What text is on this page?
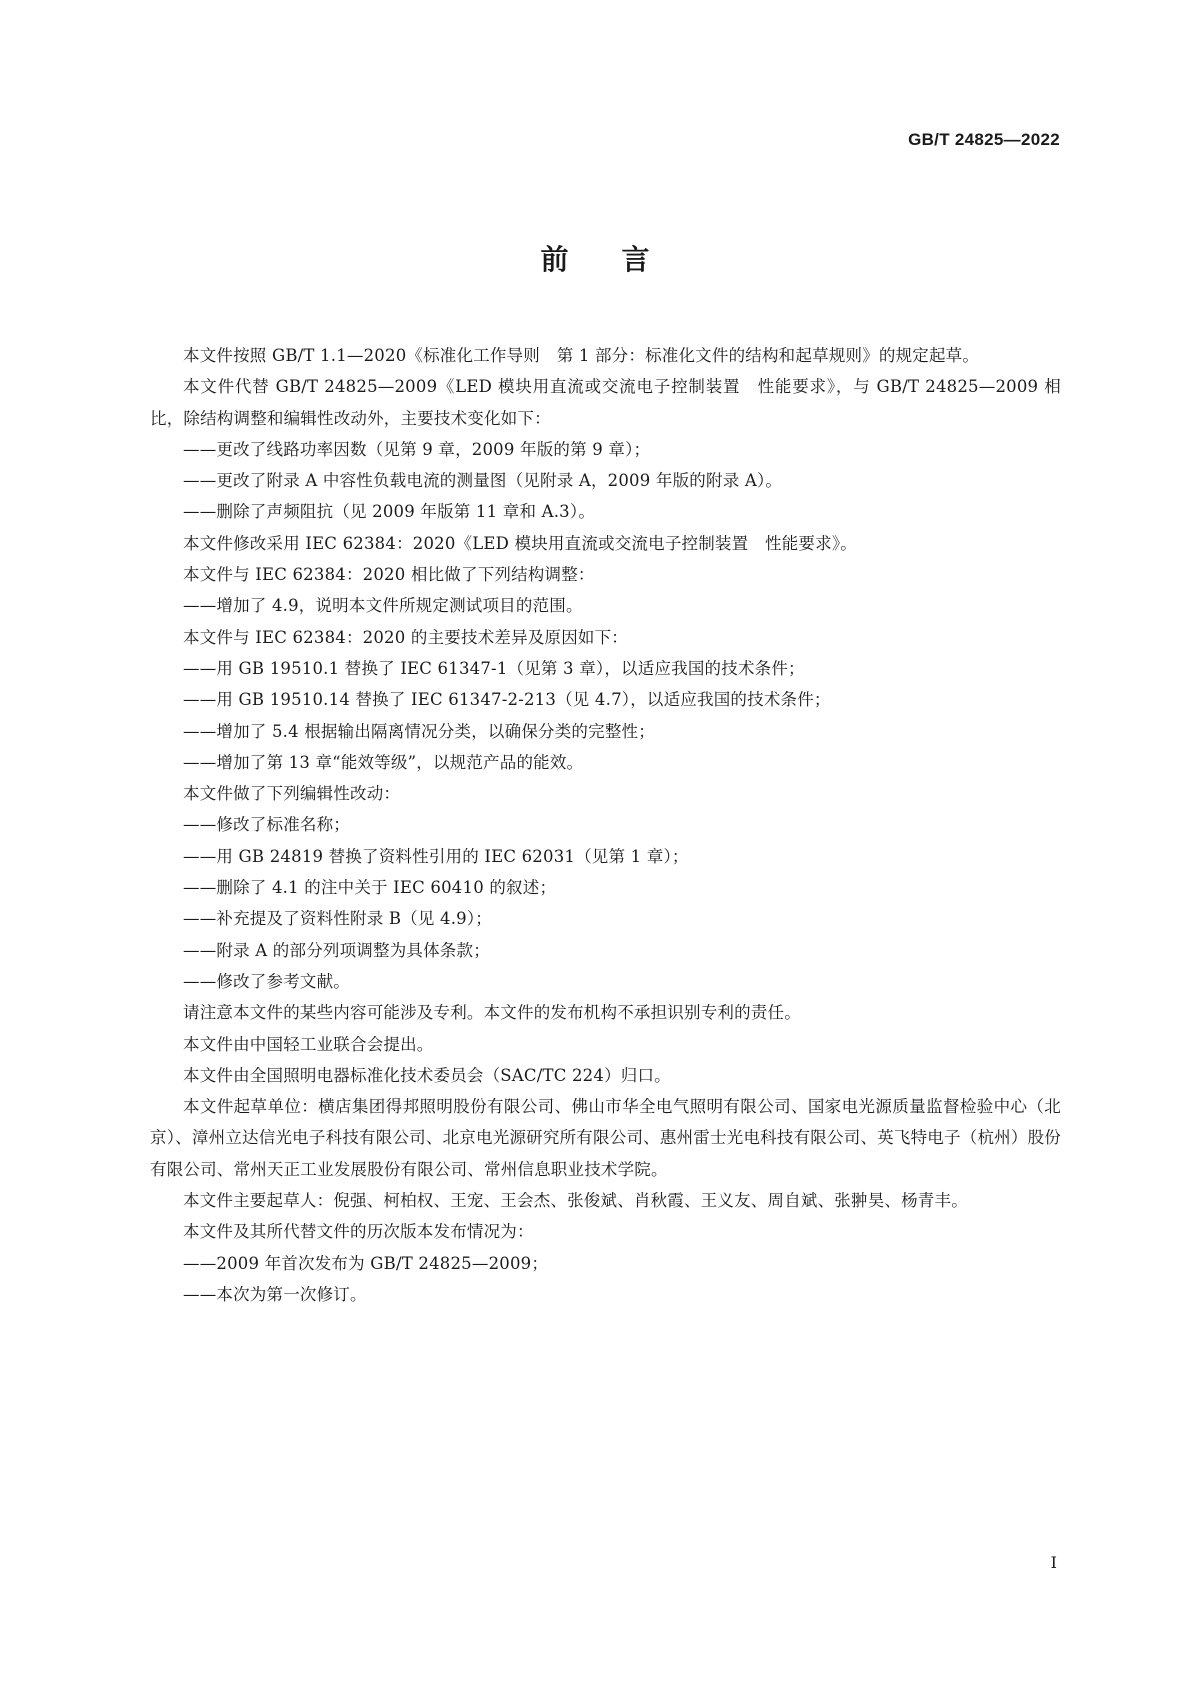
GB/T 24825—2022
前 言

本文件按照 GB/T 1.1—2020《标准化工作导则　第 1 部分：标准化文件的结构和起草规则》的规定起草。

本文件代替 GB/T 24825—2009《LED 模块用直流或交流电子控制装置　性能要求》，与 GB/T 24825—2009 相比，除结构调整和编辑性改动外，主要技术变化如下：

——更改了线路功率因数（见第 9 章，2009 年版的第 9 章）；

——更改了附录 A 中容性负载电流的测量图（见附录 A，2009 年版的附录 A）。

——删除了声频阻抗（见 2009 年版第 11 章和 A.3）。

本文件修改采用 IEC 62384：2020《LED 模块用直流或交流电子控制装置　性能要求》。

本文件与 IEC 62384：2020 相比做了下列结构调整：

——增加了 4.9，说明本文件所规定测试项目的范围。

本文件与 IEC 62384：2020 的主要技术差异及原因如下：

——用 GB 19510.1 替换了 IEC 61347-1（见第 3 章），以适应我国的技术条件；

——用 GB 19510.14 替换了 IEC 61347-2-213（见 4.7），以适应我国的技术条件；

——增加了 5.4 根据输出隔离情况分类，以确保分类的完整性；

——增加了第 13 章“能效等级”，以规范产品的能效。

本文件做了下列编辑性改动：

——修改了标准名称；

——用 GB 24819 替换了资料性引用的 IEC 62031（见第 1 章）；

——删除了 4.1 的注中关于 IEC 60410 的叙述；

——补充提及了资料性附录 B（见 4.9）；

——附录 A 的部分列项调整为具体条款；

——修改了参考文献。

请注意本文件的某些内容可能涉及专利。本文件的发布机构不承担识别专利的责任。

本文件由中国轻工业联合会提出。

本文件由全国照明电器标准化技术委员会（SAC/TC 224）归口。

本文件起草单位：横店集团得邦照明股份有限公司、佛山市华全电气照明有限公司、国家电光源质量监督检验中心（北京）、漳州立达信光电子科技有限公司、北京电光源研究所有限公司、惠州雷士光电科技有限公司、英飞特电子（杭州）股份有限公司、常州天正工业发展股份有限公司、常州信息职业技术学院。

本文件主要起草人：倪强、柯柏权、王宠、王会杰、张俊斌、肖秋霞、王义友、周自斌、张翀昊、杨青丰。

本文件及其所代替文件的历次版本发布情况为：

——2009 年首次发布为 GB/T 24825—2009；

——本次为第一次修订。

I
